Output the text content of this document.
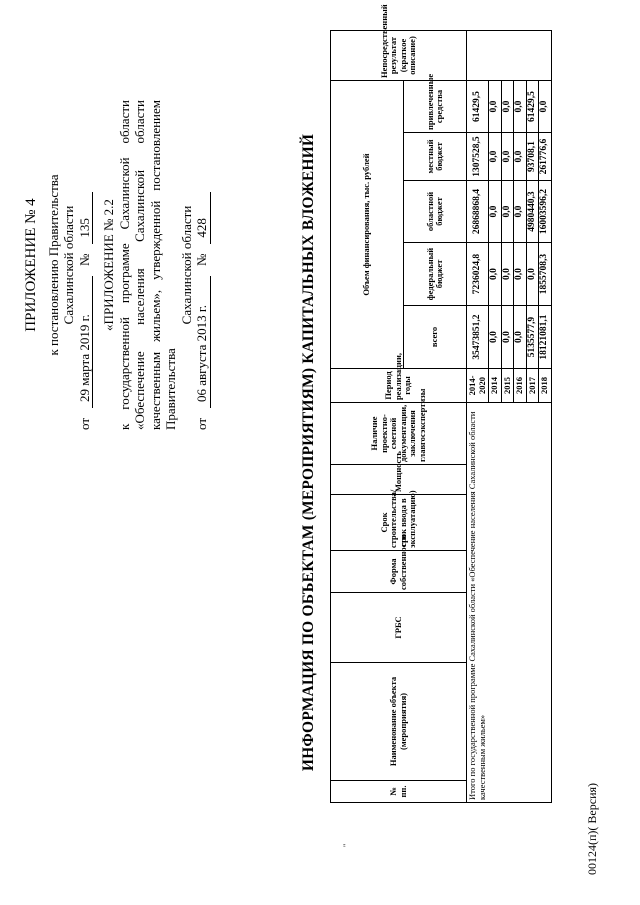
ПРИЛОЖЕНИЕ № 4 к постановлению Правительства Сахалинской области

от
29 марта 2019 г.
№
135 «ПРИЛОЖЕНИЕ № 2.2 к государственной программе Сахалинской области «Обеспечение населения Сахалинской области качественным жильем», утвержденной постановлением Правительства

Сахалинской области

от
06 августа 2013 г.
№
428	ИНФОРМАЦИЯ ПО ОБЪЕКТАМ (МЕРОПРИЯТИЯМ) КАПИТАЛЬНЫХ ВЛОЖЕНИЙ
"
№ пп.	Наименование объекта (мероприятия)	ГРБС	Форма собственности	Срок строительства/срок ввода в эксплуатацию)	Мощность	Наличие проектно-сметной документации, заключения главгосэкспертизы	Период реализации, годы	Объем финансирования, тыс. рублей					Непосредственный результат (краткое описание)
								всего	федеральный бюджет	областной бюджет	местный бюджет	привлеченные средства	
Итого по государственной программе Сахалинской области «Обеспечение населения Сахалинской области качественным жильем»							2014-2020	35473851,2	7236024,8	26868868,4	1307528,5	61429,5	
							2014	0,0	0,0	0,0	0,0	0,0	
							2015	0,0	0,0	0,0	0,0	0,0	
							2016	0,0	0,0	0,0	0,0	0,0	
							2017	5135577,9	0,0	4980440,3	93708,1	61429,5	
							2018	18121081,1	1855708,3	16003596,2	261776,6	0,0	
00124(п)( Версия)
